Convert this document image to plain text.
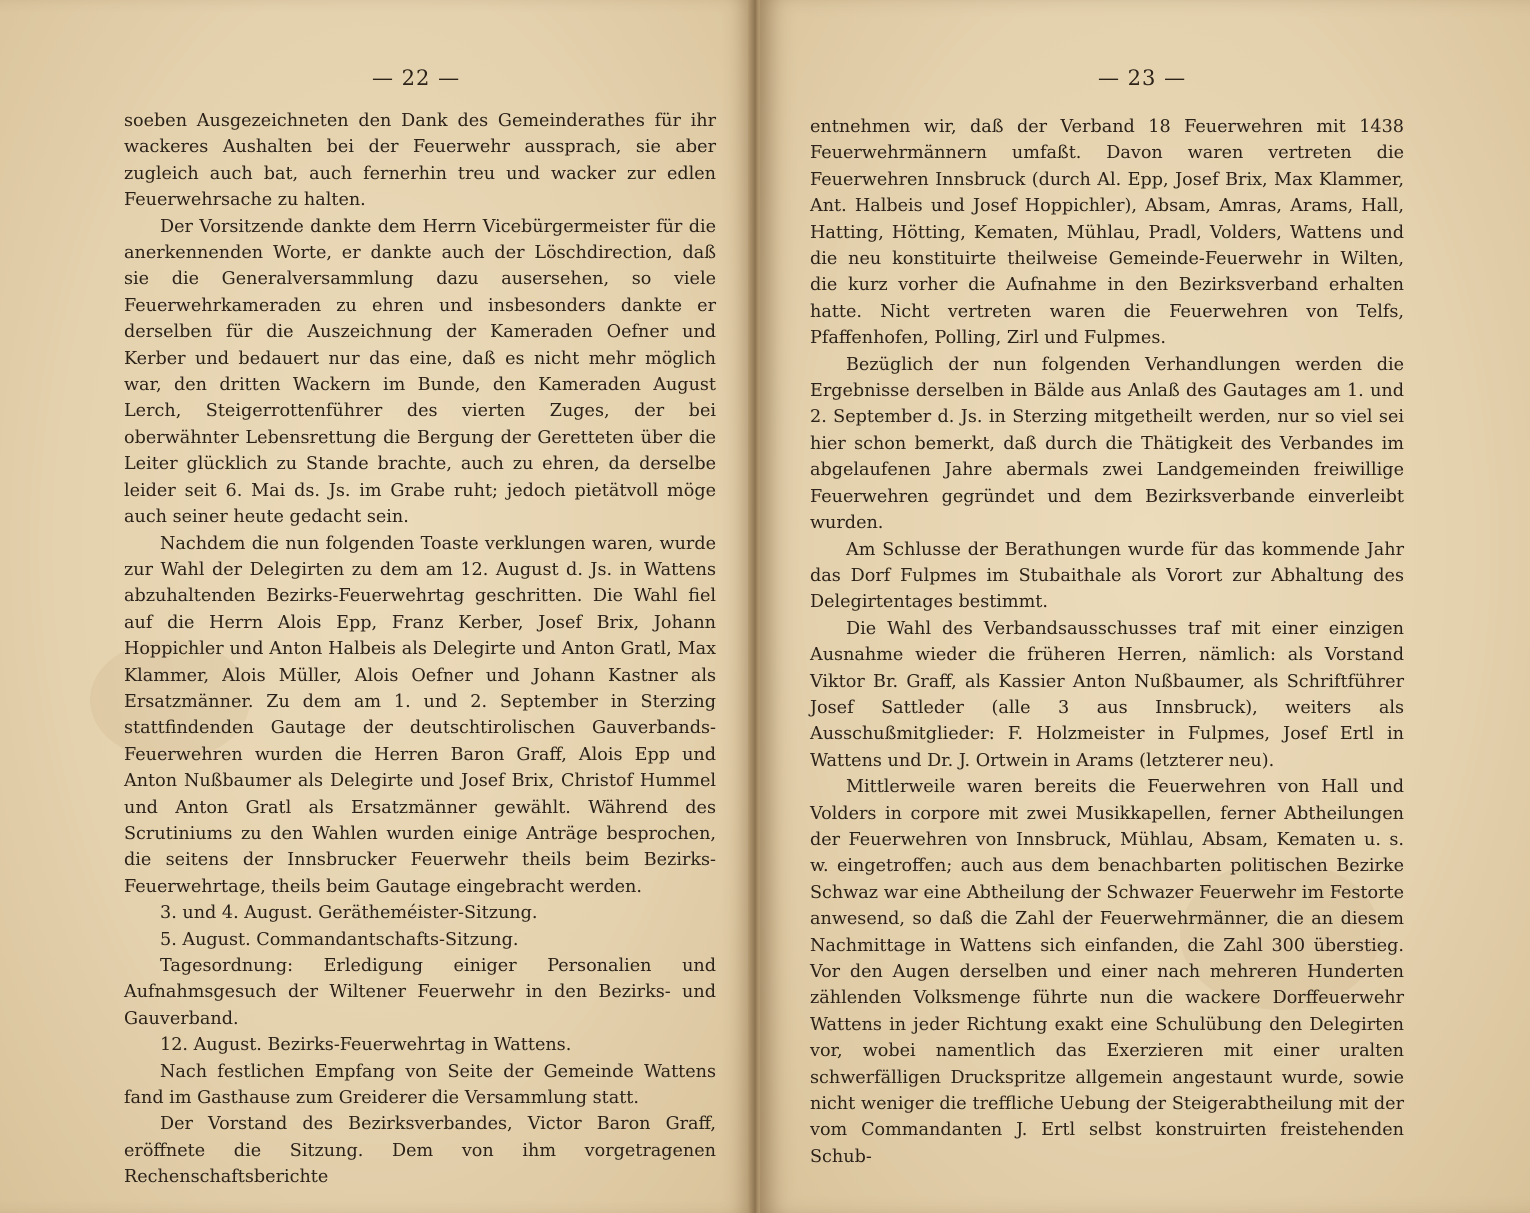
— 22 —

soeben Ausgezeichneten den Dank des Gemeinderathes für ihr wackeres Aushalten bei der Feuerwehr aussprach, sie aber zugleich auch bat, auch fernerhin treu und wacker zur edlen Feuerwehrsache zu halten.

Der Vorsitzende dankte dem Herrn Vicebürgermeister für die anerkennenden Worte, er dankte auch der Löschdirection, daß sie die Generalversammlung dazu ausersehen, so viele Feuerwehrkameraden zu ehren und insbesonders dankte er derselben für die Auszeichnung der Kameraden Oefner und Kerber und bedauert nur das eine, daß es nicht mehr möglich war, den dritten Wackern im Bunde, den Kameraden August Lerch, Steigerrottenführer des vierten Zuges, der bei oberwähnter Lebensrettung die Bergung der Geretteten über die Leiter glücklich zu Stande brachte, auch zu ehren, da derselbe leider seit 6. Mai ds. Js. im Grabe ruht; jedoch pietätvoll möge auch seiner heute gedacht sein.

Nachdem die nun folgenden Toaste verklungen waren, wurde zur Wahl der Delegirten zu dem am 12. August d. Js. in Wattens abzuhaltenden Bezirks-Feuerwehrtag geschritten. Die Wahl fiel auf die Herrn Alois Epp, Franz Kerber, Josef Brix, Johann Hoppichler und Anton Halbeis als Delegirte und Anton Gratl, Max Klammer, Alois Müller, Alois Oefner und Johann Kastner als Ersatzmänner. Zu dem am 1. und 2. September in Sterzing stattfindenden Gautage der deutschtirolischen Gauverbands-Feuerwehren wurden die Herren Baron Graff, Alois Epp und Anton Nußbaumer als Delegirte und Josef Brix, Christof Hummel und Anton Gratl als Ersatzmänner gewählt. Während des Scrutiniums zu den Wahlen wurden einige Anträge besprochen, die seitens der Innsbrucker Feuerwehr theils beim Bezirks-Feuerwehrtage, theils beim Gautage eingebracht werden.

3. und 4. August. Gerätheméister-Sitzung.

5. August. Commandantschafts-Sitzung.

Tagesordnung: Erledigung einiger Personalien und Aufnahmsgesuch der Wiltener Feuerwehr in den Bezirks- und Gauverband.

12. August. Bezirks-Feuerwehrtag in Wattens.

Nach festlichen Empfang von Seite der Gemeinde Wattens fand im Gasthause zum Greiderer die Versammlung statt.

Der Vorstand des Bezirksverbandes, Victor Baron Graff, eröffnete die Sitzung. Dem von ihm vorgetragenen Rechenschaftsberichte

— 23 —

entnehmen wir, daß der Verband 18 Feuerwehren mit 1438 Feuerwehrmännern umfaßt. Davon waren vertreten die Feuerwehren Innsbruck (durch Al. Epp, Josef Brix, Max Klammer, Ant. Halbeis und Josef Hoppichler), Absam, Amras, Arams, Hall, Hatting, Hötting, Kematen, Mühlau, Pradl, Volders, Wattens und die neu konstituirte theilweise Gemeinde-Feuerwehr in Wilten, die kurz vorher die Aufnahme in den Bezirksverband erhalten hatte. Nicht vertreten waren die Feuerwehren von Telfs, Pfaffenhofen, Polling, Zirl und Fulpmes.

Bezüglich der nun folgenden Verhandlungen werden die Ergebnisse derselben in Bälde aus Anlaß des Gautages am 1. und 2. September d. Js. in Sterzing mitgetheilt werden, nur so viel sei hier schon bemerkt, daß durch die Thätigkeit des Verbandes im abgelaufenen Jahre abermals zwei Landgemeinden freiwillige Feuerwehren gegründet und dem Bezirksverbande einverleibt wurden.

Am Schlusse der Berathungen wurde für das kommende Jahr das Dorf Fulpmes im Stubaithale als Vorort zur Abhaltung des Delegirtentages bestimmt.

Die Wahl des Verbandsausschusses traf mit einer einzigen Ausnahme wieder die früheren Herren, nämlich: als Vorstand Viktor Br. Graff, als Kassier Anton Nußbaumer, als Schriftführer Josef Sattleder (alle 3 aus Innsbruck), weiters als Ausschußmitglieder: F. Holzmeister in Fulpmes, Josef Ertl in Wattens und Dr. J. Ortwein in Arams (letzterer neu).

Mittlerweile waren bereits die Feuerwehren von Hall und Volders in corpore mit zwei Musikkapellen, ferner Abtheilungen der Feuerwehren von Innsbruck, Mühlau, Absam, Kematen u. s. w. eingetroffen; auch aus dem benachbarten politischen Bezirke Schwaz war eine Abtheilung der Schwazer Feuerwehr im Festorte anwesend, so daß die Zahl der Feuerwehrmänner, die an diesem Nachmittage in Wattens sich einfanden, die Zahl 300 überstieg. Vor den Augen derselben und einer nach mehreren Hunderten zählenden Volksmenge führte nun die wackere Dorffeuerwehr Wattens in jeder Richtung exakt eine Schulübung den Delegirten vor, wobei namentlich das Exerzieren mit einer uralten schwerfälligen Druckspritze allgemein angestaunt wurde, sowie nicht weniger die treffliche Uebung der Steigerabtheilung mit der vom Commandanten J. Ertl selbst konstruirten freistehenden Schub-
